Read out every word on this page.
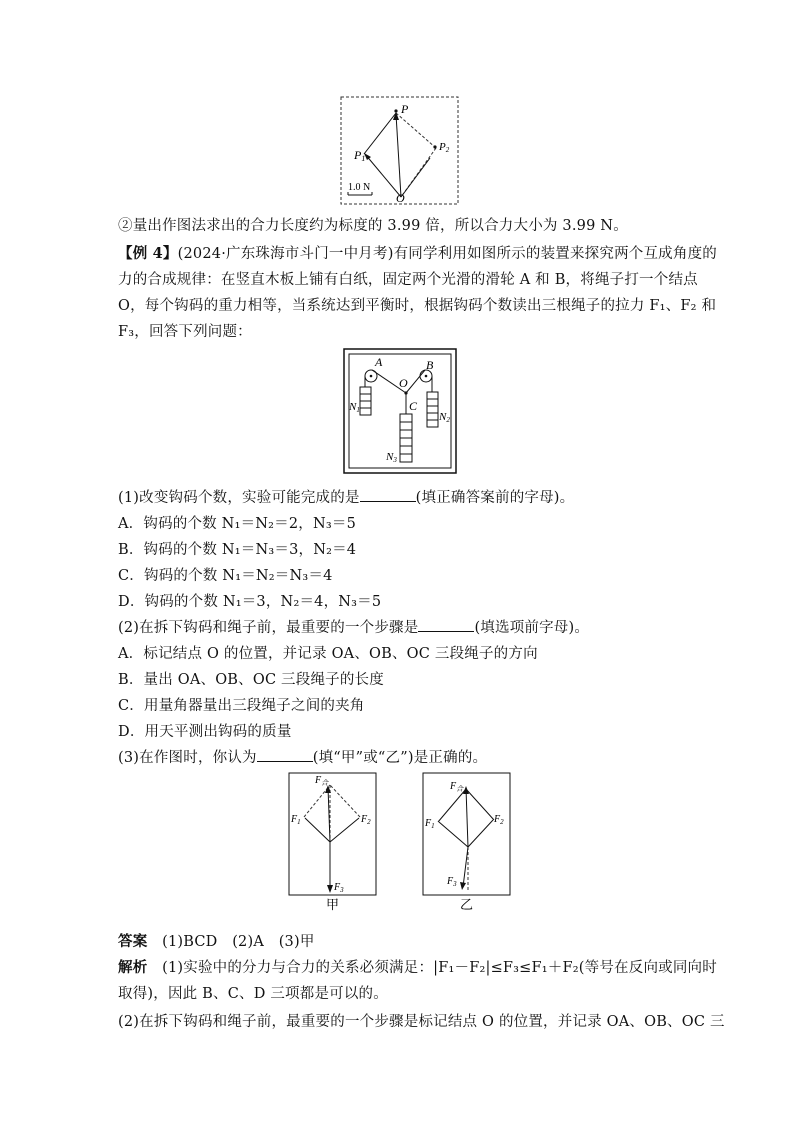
P
P1
P2
O
1.0 N
②量出作图法求出的合力长度约为标度的 3.99 倍，所以合力大小为 3.99 N。
【例 4】(2024·广东珠海市斗门一中月考)有同学利用如图所示的装置来探究两个互成角度的
力的合成规律：在竖直木板上铺有白纸，固定两个光滑的滑轮 A 和 B，将绳子打一个结点
O，每个钩码的重力相等，当系统达到平衡时，根据钩码个数读出三根绳子的拉力 F₁、F₂ 和
F₃，回答下列问题：
A	B
O
C
N1
N2
N3
(1)改变钩码个数，实验可能完成的是	(填正确答案前的字母)。
A．钩码的个数 N₁＝N₂＝2，N₃＝5
B．钩码的个数 N₁＝N₃＝3，N₂＝4
C．钩码的个数 N₁＝N₂＝N₃＝4
D．钩码的个数 N₁＝3，N₂＝4，N₃＝5
(2)在拆下钩码和绳子前，最重要的一个步骤是	(填选项前字母)。
A．标记结点 O 的位置，并记录 OA、OB、OC 三段绳子的方向
B．量出 OA、OB、OC 三段绳子的长度
C．用量角器量出三段绳子之间的夹角
D．用天平测出钩码的质量
(3)在作图时，你认为	(填“甲”或“乙”)是正确的。
$F_合$
$F_1$	$F_2$
$F_3$
甲
$F_合$
$F_1$
$F_2$
$F_3$
乙
答案　 (1)BCD　(2)A　(3)甲
解析　 (1)实验中的分力与合力的关系必须满足：|F₁－F₂|≤F₃≤F₁＋F₂(等号在反向或同向时
取得)，因此 B、C、D 三项都是可以的。
(2)在拆下钩码和绳子前，最重要的一个步骤是标记结点 O 的位置，并记录 OA、OB、OC 三
